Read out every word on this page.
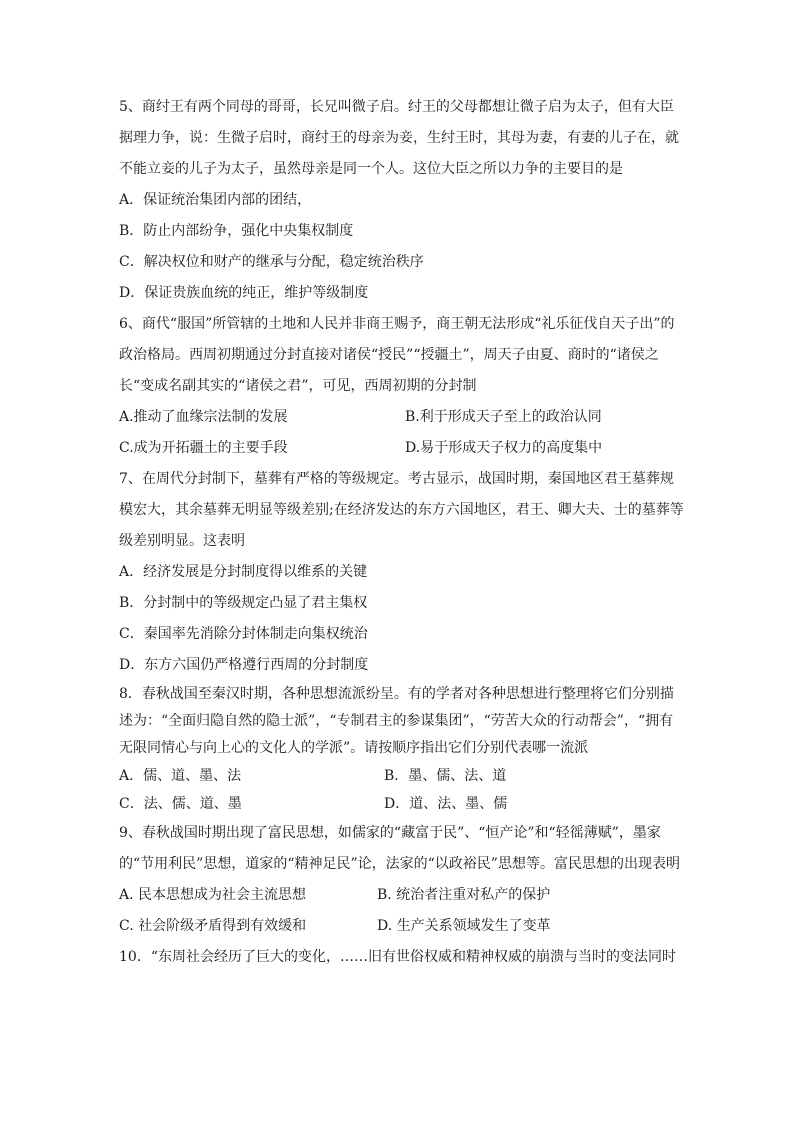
5、商纣王有两个同母的哥哥，长兄叫微子启。纣王的父母都想让微子启为太子，但有大臣据理力争，说：生微子启时，商纣王的母亲为妾，生纣王时，其母为妻，有妻的儿子在，就不能立妾的儿子为太子，虽然母亲是同一个人。这位大臣之所以力争的主要目的是

A．保证统治集团内部的团结，

B．防止内部纷争，强化中央集权制度

C．解决权位和财产的继承与分配，稳定统治秩序

D．保证贵族血统的纯正，维护等级制度

6、商代“服国”所管辖的土地和人民并非商王赐予，商王朝无法形成“礼乐征伐自天子出”的政治格局。西周初期通过分封直接对诸侯“授民”“授疆土”，周天子由夏、商时的“诸侯之长“变成名副其实的“诸侯之君”，可见，西周初期的分封制

A.推动了血缘宗法制的发展	B.利于形成天子至上的政治认同
C.成为开拓疆土的主要手段	D.易于形成天子权力的高度集中

7、在周代分封制下，墓葬有严格的等级规定。考古显示，战国时期，秦国地区君王墓葬规模宏大，其余墓葬无明显等级差别;在经济发达的东方六国地区，君王、卿大夫、士的墓葬等级差别明显。这表明

A．经济发展是分封制度得以维系的关键

B．分封制中的等级规定凸显了君主集权

C．秦国率先消除分封体制走向集权统治

D．东方六国仍严格遵行西周的分封制度

8．春秋战国至秦汉时期，各种思想流派纷呈。有的学者对各种思想进行整理将它们分别描述为：“全面归隐自然的隐士派”，“专制君主的参谋集团”，“劳苦大众的行动帮会”，“拥有无限同情心与向上心的文化人的学派”。请按顺序指出它们分别代表哪一流派

A．儒、道、墨、法	B．墨、儒、法、道
C．法、儒、道、墨	D．道、法、墨、儒

9、春秋战国时期出现了富民思想，如儒家的“藏富于民”、“恒产论”和“轻徭薄赋”，墨家的“节用利民”思想，道家的“精神足民”论，法家的“以政裕民”思想等。富民思想的出现表明

A. 民本思想成为社会主流思想	B. 统治者注重对私产的保护
C. 社会阶级矛盾得到有效缓和	D. 生产关系领域发生了变革

10．“东周社会经历了巨大的变化，……旧有世俗权威和精神权威的崩溃与当时的变法同时
